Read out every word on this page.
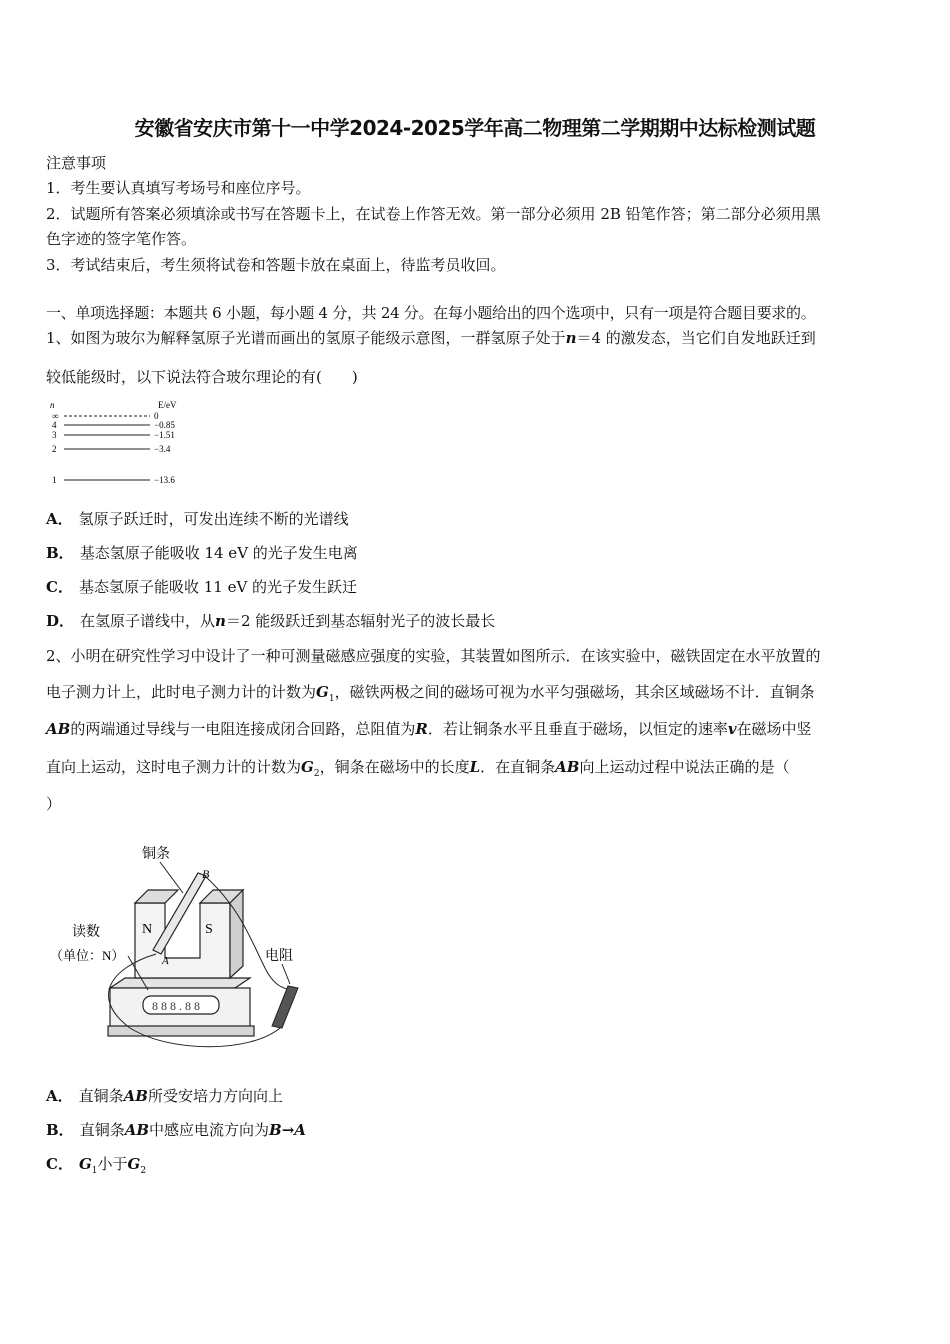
安徽省安庆市第十一中学2024-2025学年高二物理第二学期期中达标检测试题
注意事项
1．考生要认真填写考场号和座位序号。
2．试题所有答案必须填涂或书写在答题卡上，在试卷上作答无效。第一部分必须用 2B 铅笔作答；第二部分必须用黑
色字迹的签字笔作答。
3．考试结束后，考生须将试卷和答题卡放在桌面上，待监考员收回。
一、单项选择题：本题共 6 小题，每小题 4 分，共 24 分。在每小题给出的四个选项中，只有一项是符合题目要求的。
1、如图为玻尔为解释氢原子光谱而画出的氢原子能级示意图，一群氢原子处于n＝4 的激发态，当它们自发地跃迁到
较低能级时，以下说法符合玻尔理论的有(　　)
n	E/eV
∞	0
4	−0.85
3	−1.51
2	−3.4
1	−13.6
A． 氢原子跃迁时，可发出连续不断的光谱线
B． 基态氢原子能吸收 14 eV 的光子发生电离
C． 基态氢原子能吸收 11 eV 的光子发生跃迁
D． 在氢原子谱线中，从n＝2 能级跃迁到基态辐射光子的波长最长
2、小明在研究性学习中设计了一种可测量磁感应强度的实验，其装置如图所示．在该实验中，磁铁固定在水平放置的
电子测力计上，此时电子测力计的计数为$G_1$，磁铁两极之间的磁场可视为水平匀强磁场，其余区域磁场不计．直铜条
AB的两端通过导线与一电阻连接成闭合回路，总阻值为R．若让铜条水平且垂直于磁场，以恒定的速率v在磁场中竖
直向上运动，这时电子测力计的计数为$G_2$，铜条在磁场中的长度L．在直铜条AB向上运动过程中说法正确的是（
）
8 8 8 . 8 8
N	S
A
B
铜条
电阻
读数
（单位：N）
A． 直铜条AB所受安培力方向向上
B． 直铜条AB中感应电流方向为B→A
C． $G_1$小于$G_2$
